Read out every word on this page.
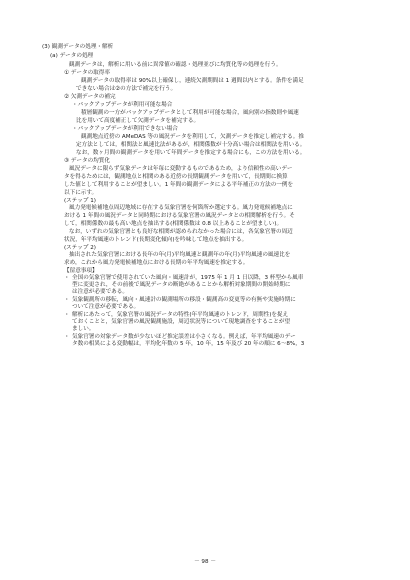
(3) 観測データの処理・解析
(a) データの処理
観測データは，解析に用いる前に異常値の確認・処理並びに均質化等の処理を行う。
① データの取得率
観測データの取得率は 90%以上確保し，連続欠測期間は 1 週間以内とする。条件を満足
できない場合は②の方法で補完を行う。
② 欠測データの補完
・バックアップデータが利用可能な場合
積層観測の一方がバックアップデータとして利用が可能な場合，風向別の指数則や風速
比を用いて高度補正して欠測データを補完する。
・バックアップデータが利用できない場合
観測地点近傍の AMeDAS 等の風況データを利用して，欠測データを推定し補完する。推
定方法としては，相関法と風速比法があるが，相関係数が十分高い場合は相関法を用いる。
なお，数ヶ月間の観測データを用いて年間データを推定する場合にも，この方法を用いる。
③ データの均質化
風況データに限らず気象データは年毎に変動するものであるため，より信頼性の高いデー
タを得るためには，観測地点と相関のある近傍の長期観測データを用いて，長期間に換算
した値として利用することが望ましい。1 年間の観測データによる平年補正の方法の一例を
以下に示す。
(ステップ 1)
風力発電候補地点周辺地域に存在する気象官署を何箇所か選定する。風力発電候補地点に
おける 1 年間の風況データと同時期における気象官署の風況データとの相関解析を行う。そ
して，相関係数の最も高い地点を抽出する(相関係数は 0.8 以上あることが望ましい)。
なお，いずれの気象官署とも良好な相関が認められなかった場合には，各気象官署の周辺
状況，年平均風速のトレンド(長期変化傾向)を吟味して地点を抽出する。
(ステップ 2)
抽出された気象官署における長年の年(月)平均風速と観測年の年(月)平均風速の風速比を
求め，これから風力発電候補地点における長期の年平均風速を推定する。
【留意事項】
・ 全国の気象官署で使用されていた風向・風速計が，1975 年 1 月 1 日以降，3 杯型から風車
型に変更され，その前後で風況データの断絶があることから解析対象期間の開始時期に
は注意が必要である。
・ 気象観測所の移転，風向・風速計の観測場所の移設・観測高の変更等の有無や実施時期に
ついて注意が必要である。
・ 解析にあたって，気象官署の風況データの特性(年平均風速のトレンド，周期性)を捉え
ておくことと，気象官署の風況観測施設，周辺状況等について現地調査をすることが望
ましい。
・ 気象官署の対象データ数が少ないほど推定誤差は小さくなる。例えば，年平均風速のデー
タ数の相異による変動幅は，平均化年数の 5 年，10 年，15 年及び 20 年の順に 6～8%，3
－ 98 －
